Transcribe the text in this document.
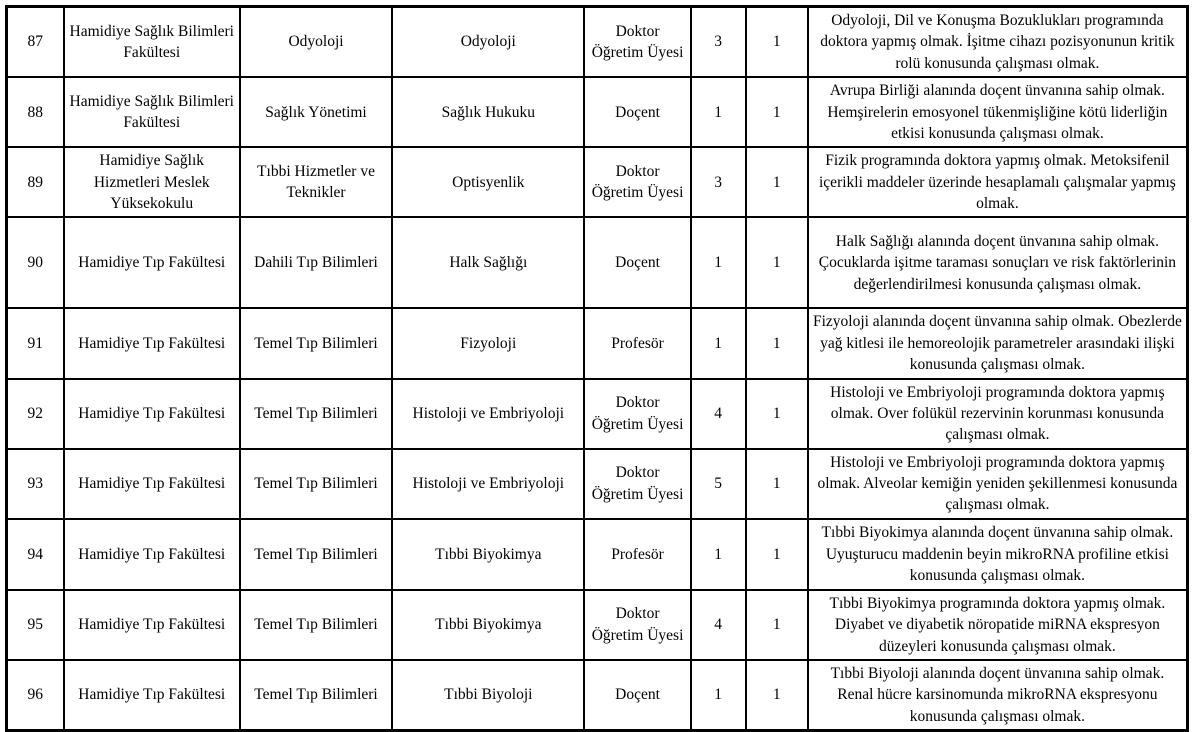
87	Hamidiye Sağlık Bilimleri Fakültesi	Odyoloji	Odyoloji	Doktor Öğretim Üyesi	3	1	Odyoloji, Dil ve Konuşma Bozuklukları programında doktora yapmış olmak. İşitme cihazı pozisyonunun kritik rolü konusunda çalışması olmak.
88	Hamidiye Sağlık Bilimleri Fakültesi	Sağlık Yönetimi	Sağlık Hukuku	Doçent	1	1	Avrupa Birliği alanında doçent ünvanına sahip olmak. Hemşirelerin emosyonel tükenmişliğine kötü liderliğin etkisi konusunda çalışması olmak.
89	Hamidiye Sağlık Hizmetleri Meslek Yüksekokulu	Tıbbi Hizmetler ve Teknikler	Optisyenlik	Doktor Öğretim Üyesi	3	1	Fizik programında doktora yapmış olmak. Metoksifenil içerikli maddeler üzerinde hesaplamalı çalışmalar yapmış olmak.
90	Hamidiye Tıp Fakültesi	Dahili Tıp Bilimleri	Halk Sağlığı	Doçent	1	1	Halk Sağlığı alanında doçent ünvanına sahip olmak. Çocuklarda işitme taraması sonuçları ve risk faktörlerinin değerlendirilmesi konusunda çalışması olmak.
91	Hamidiye Tıp Fakültesi	Temel Tıp Bilimleri	Fizyoloji	Profesör	1	1	Fizyoloji alanında doçent ünvanına sahip olmak. Obezlerde yağ kitlesi ile hemoreolojik parametreler arasındaki ilişki konusunda çalışması olmak.
92	Hamidiye Tıp Fakültesi	Temel Tıp Bilimleri	Histoloji ve Embriyoloji	Doktor Öğretim Üyesi	4	1	Histoloji ve Embriyoloji programında doktora yapmış olmak. Over folükül rezervinin korunması konusunda çalışması olmak.
93	Hamidiye Tıp Fakültesi	Temel Tıp Bilimleri	Histoloji ve Embriyoloji	Doktor Öğretim Üyesi	5	1	Histoloji ve Embriyoloji programında doktora yapmış olmak. Alveolar kemiğin yeniden şekillenmesi konusunda çalışması olmak.
94	Hamidiye Tıp Fakültesi	Temel Tıp Bilimleri	Tıbbi Biyokimya	Profesör	1	1	Tıbbi Biyokimya alanında doçent ünvanına sahip olmak. Uyuşturucu maddenin beyin mikroRNA profiline etkisi konusunda çalışması olmak.
95	Hamidiye Tıp Fakültesi	Temel Tıp Bilimleri	Tıbbi Biyokimya	Doktor Öğretim Üyesi	4	1	Tıbbi Biyokimya programında doktora yapmış olmak. Diyabet ve diyabetik nöropatide miRNA ekspresyon düzeyleri konusunda çalışması olmak.
96	Hamidiye Tıp Fakültesi	Temel Tıp Bilimleri	Tıbbi Biyoloji	Doçent	1	1	Tıbbi Biyoloji alanında doçent ünvanına sahip olmak. Renal hücre karsinomunda mikroRNA ekspresyonu konusunda çalışması olmak.
